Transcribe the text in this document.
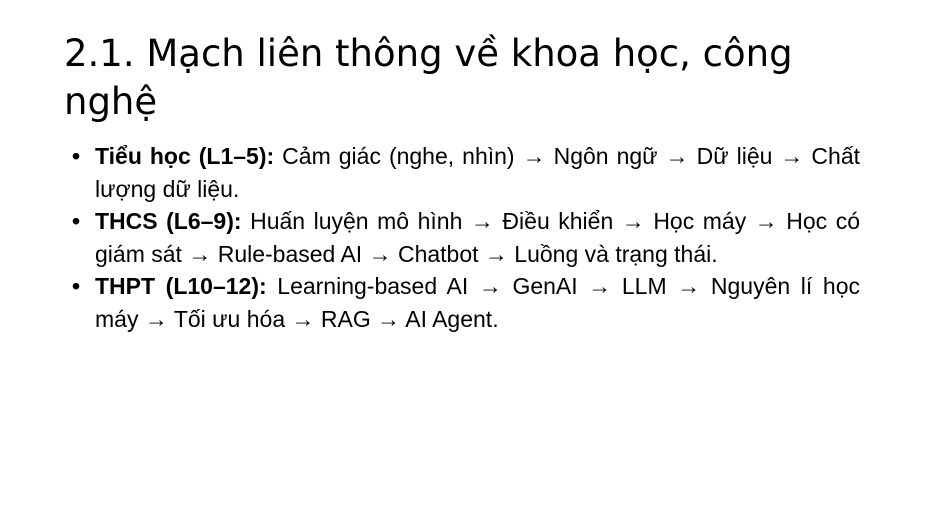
2.1. Mạch liên thông về khoa học, công nghệ
• Tiểu học (L1–5): Cảm giác (nghe, nhìn) → Ngôn ngữ → Dữ liệu → Chất lượng dữ liệu.
• THCS (L6–9): Huấn luyện mô hình → Điều khiển → Học máy → Học có giám sát → Rule-based AI → Chatbot → Luồng và trạng thái.
• THPT (L10–12): Learning-based AI → GenAI → LLM → Nguyên lí học máy → Tối ưu hóa → RAG → AI Agent.
